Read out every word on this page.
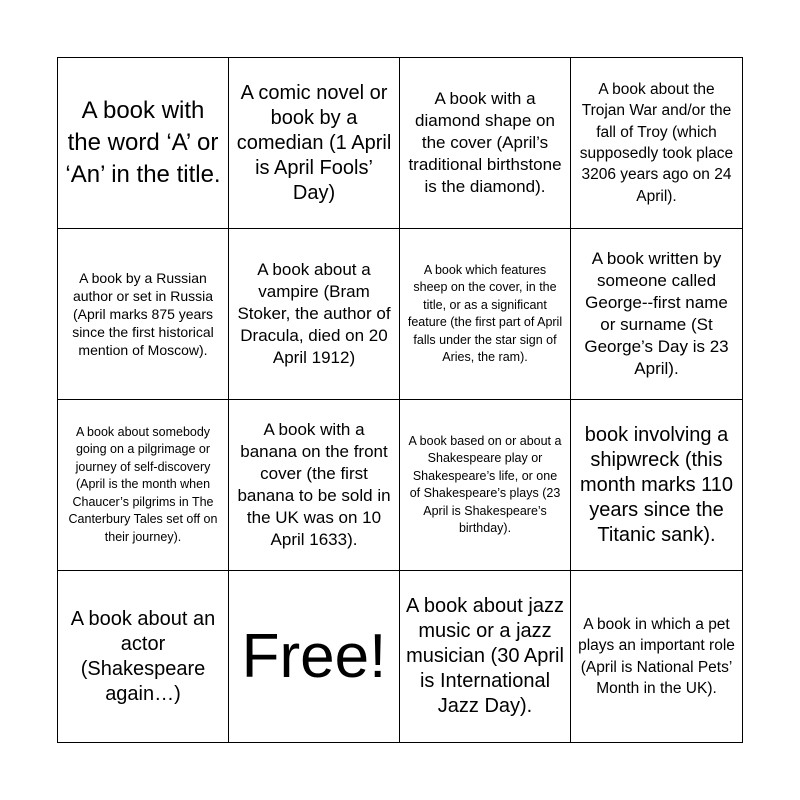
A book with the word ‘A’ or ‘An’ in the title.
A comic novel or book by a comedian (1 April is April Fools’ Day)
A book with a diamond shape on the cover (April’s traditional birthstone is the diamond).
A book about the Trojan War and/or the fall of Troy (which supposedly took place 3206 years ago on 24 April).
A book by a Russian author or set in Russia (April marks 875 years since the first historical mention of Moscow).
A book about a vampire (Bram Stoker, the author of Dracula, died on 20 April 1912)
A book which features sheep on the cover, in the title, or as a significant feature (the first part of April falls under the star sign of Aries, the ram).
A book written by someone called George--first name or surname (St George’s Day is 23 April).
A book about somebody going on a pilgrimage or journey of self-discovery (April is the month when Chaucer’s pilgrims in The Canterbury Tales set off on their journey).
A book with a banana on the front cover (the first banana to be sold in the UK was on 10 April 1633).
A book based on or about a Shakespeare play or Shakespeare’s life, or one of Shakespeare’s plays (23 April is Shakespeare’s birthday).
book involving a shipwreck (this month marks 110 years since the Titanic sank).
A book about an actor (Shakespeare again…)
Free!
A book about jazz music or a jazz musician (30 April is International Jazz Day).
A book in which a pet plays an important role (April is National Pets’ Month in the UK).
